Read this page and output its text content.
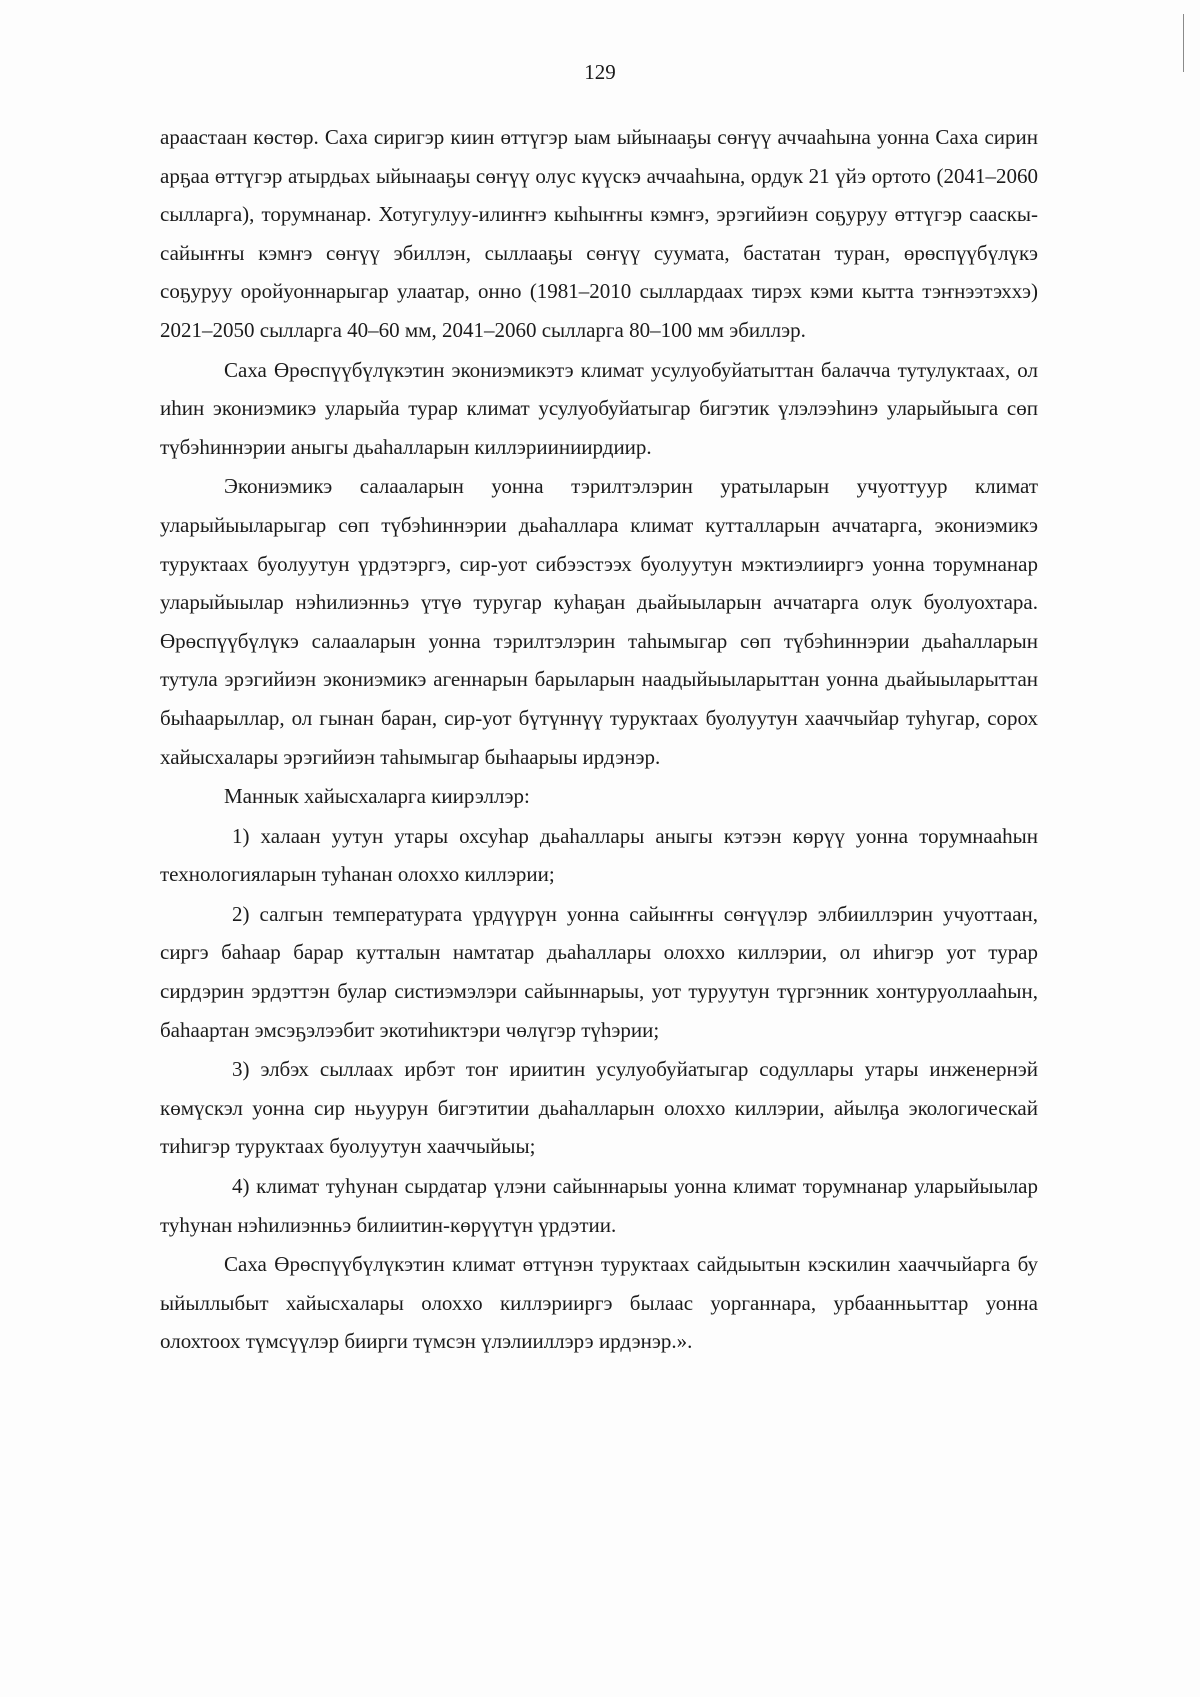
129

араастаан көстөр. Саха сиригэр киин өттүгэр ыам ыйынааҕы сөҥүү аччааһына уонна Саха сирин арҕаа өттүгэр атырдьах ыйынааҕы сөҥүү олус күүскэ аччааһына, ордук 21 үйэ ортото (2041–2060 сылларга), торумнанар. Хотугулуу-илиҥҥэ кыһыҥҥы кэмҥэ, эрэгийиэн соҕуруу өттүгэр сааскы-сайыҥҥы кэмҥэ сөҥүү эбиллэн, сыллааҕы сөҥүү суумата, бастатан туран, өрөспүүбүлүкэ соҕуруу оройуоннарыгар улаатар, онно (1981–2010 сыллардаах тирэх кэми кытта тэҥнээтэххэ) 2021–2050 сылларга 40–60 мм, 2041–2060 сылларга 80–100 мм эбиллэр.

Саха Өрөспүүбүлүкэтин экониэмикэтэ климат усулуобуйатыттан балачча тутулуктаах, ол иһин экониэмикэ уларыйа турар климат усулуобуйатыгар бигэтик үлэлээһинэ уларыйыыга сөп түбэһиннэрии аныгы дьаһалларын киллэрииниирдиир.

Экониэмикэ салааларын уонна тэрилтэлэрин уратыларын учуоттуур климат уларыйыыларыгар сөп түбэһиннэрии дьаһаллара климат кутталларын аччатарга, экониэмикэ туруктаах буолуутун үрдэтэргэ, сир-уот сибээстээх буолуутун мэктиэлииргэ уонна торумнанар уларыйыылар нэһилиэнньэ үтүө туругар куһаҕан дьайыыларын аччатарга олук буолуохтара. Өрөспүүбүлүкэ салааларын уонна тэрилтэлэрин таһымыгар сөп түбэһиннэрии дьаһалларын тутула эрэгийиэн экониэмикэ агеннарын барыларын наадыйыыларыттан уонна дьайыыларыттан быһаарыллар, ол гынан баран, сир-уот бүтүннүү туруктаах буолуутун хааччыйар туһугар, сорох хайысхалары эрэгийиэн таһымыгар быһаарыы ирдэнэр.

Маннык хайысхаларга киирэллэр:

1) халаан уутун утары охсуһар дьаһаллары аныгы кэтээн көрүү уонна торумнааһын технологияларын туһанан олоххо киллэрии;

2) салгын температурата үрдүүрүн уонна сайыҥҥы сөҥүүлэр элбииллэрин учуоттаан, сиргэ баһаар барар кутталын намтатар дьаһаллары олоххо киллэрии, ол иһигэр уот турар сирдэрин эрдэттэн булар систиэмэлэри сайыннарыы, уот туруутун түргэнник хонтуруоллааһын, баһаартан эмсэҕэлээбит экотиһиктэри чөлүгэр түһэрии;

3) элбэх сыллаах ирбэт тоҥ ириитин усулуобуйатыгар содуллары утары инженернэй көмүскэл уонна сир ньуурун бигэтитии дьаһалларын олоххо киллэрии, айылҕа экологическай тиһигэр туруктаах буолуутун хааччыйыы;

4) климат туһунан сырдатар үлэни сайыннарыы уонна климат торумнанар уларыйыылар туһунан нэһилиэнньэ билиитин-көрүүтүн үрдэтии.

Саха Өрөспүүбүлүкэтин климат өттүнэн туруктаах сайдыытын кэскилин хааччыйарга бу ыйыллыбыт хайысхалары олоххо киллэрииргэ былаас уорганнара, урбаанньыттар уонна олохтоох түмсүүлэр биирги түмсэн үлэлииллэрэ ирдэнэр.».
